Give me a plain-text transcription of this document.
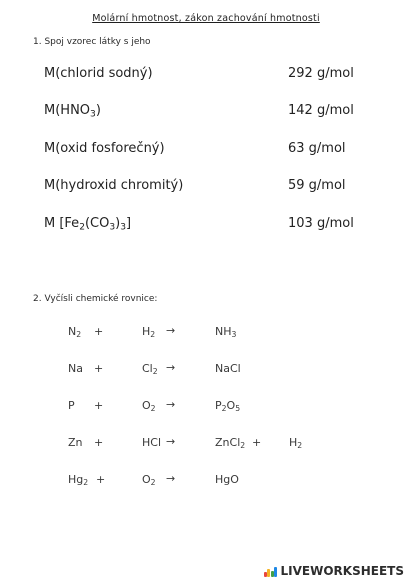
Molární hmotnost, zákon zachování hmotnosti
1. Spoj vzorec látky s jeho
M(chlorid sodný)	292 g/mol
$M(HNO_3)$	142 g/mol
M(oxid fosforečný)	63 g/mol
M(hydroxid chromitý)	59 g/mol
M $[Fe_2(CO_3)_3]$	103 g/mol
2. Vyčísli chemické rovnice:
$N_2$ +	$H_2$ →	$NH_3$
Na +	$Cl_2$ →	NaCl
P +	$O_2$ →	$P_2O_5$
Zn +	HCl →	ZnCl$_2$ +	$H_2$
$Hg_2$ +	$O_2$ →	HgO
LIVEWORKSHEETS
